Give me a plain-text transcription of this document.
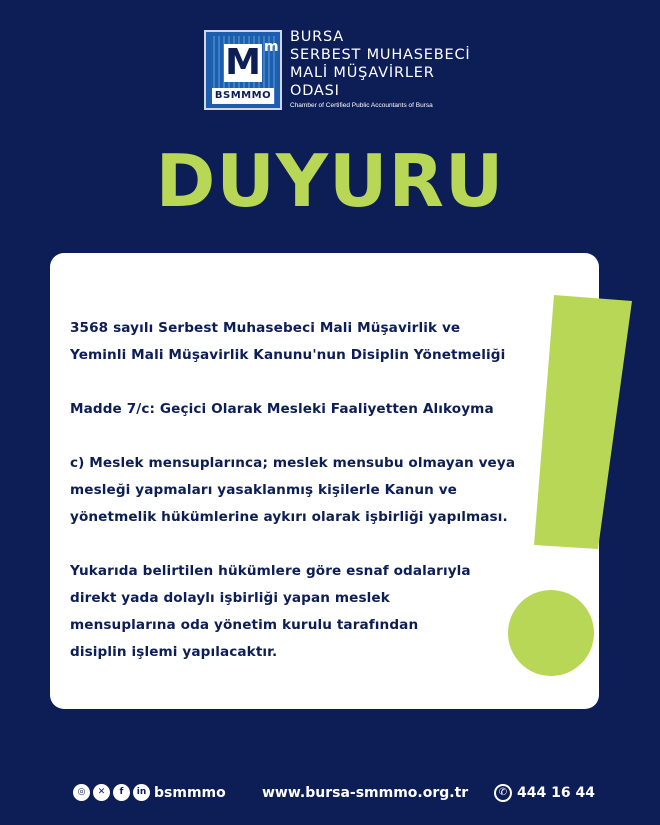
M m
BSMMMO
BURSA
SERBEST MUHASEBECİ
MALİ MÜŞAVİRLER
ODASI
Chamber of Certified Public Accountants of Bursa
DUYURU

3568 sayılı Serbest Muhasebeci Mali Müşavirlik ve

Yeminli Mali Müşavirlik Kanunu'nun Disiplin Yönetmeliği

Madde 7/c: Geçici Olarak Mesleki Faaliyetten Alıkoyma

c) Meslek mensuplarınca; meslek mensubu olmayan veya

mesleği yapmaları yasaklanmış kişilerle Kanun ve

yönetmelik hükümlerine aykırı olarak işbirliği yapılması.

Yukarıda belirtilen hükümlere göre esnaf odalarıyla

direkt yada dolaylı işbirliği yapan meslek

mensuplarına oda yönetim kurulu tarafından

disiplin işlemi yapılacaktır.

◎	✕	f	in bsmmmo	www.bursa-smmmo.org.tr	✆ 444 16 44
